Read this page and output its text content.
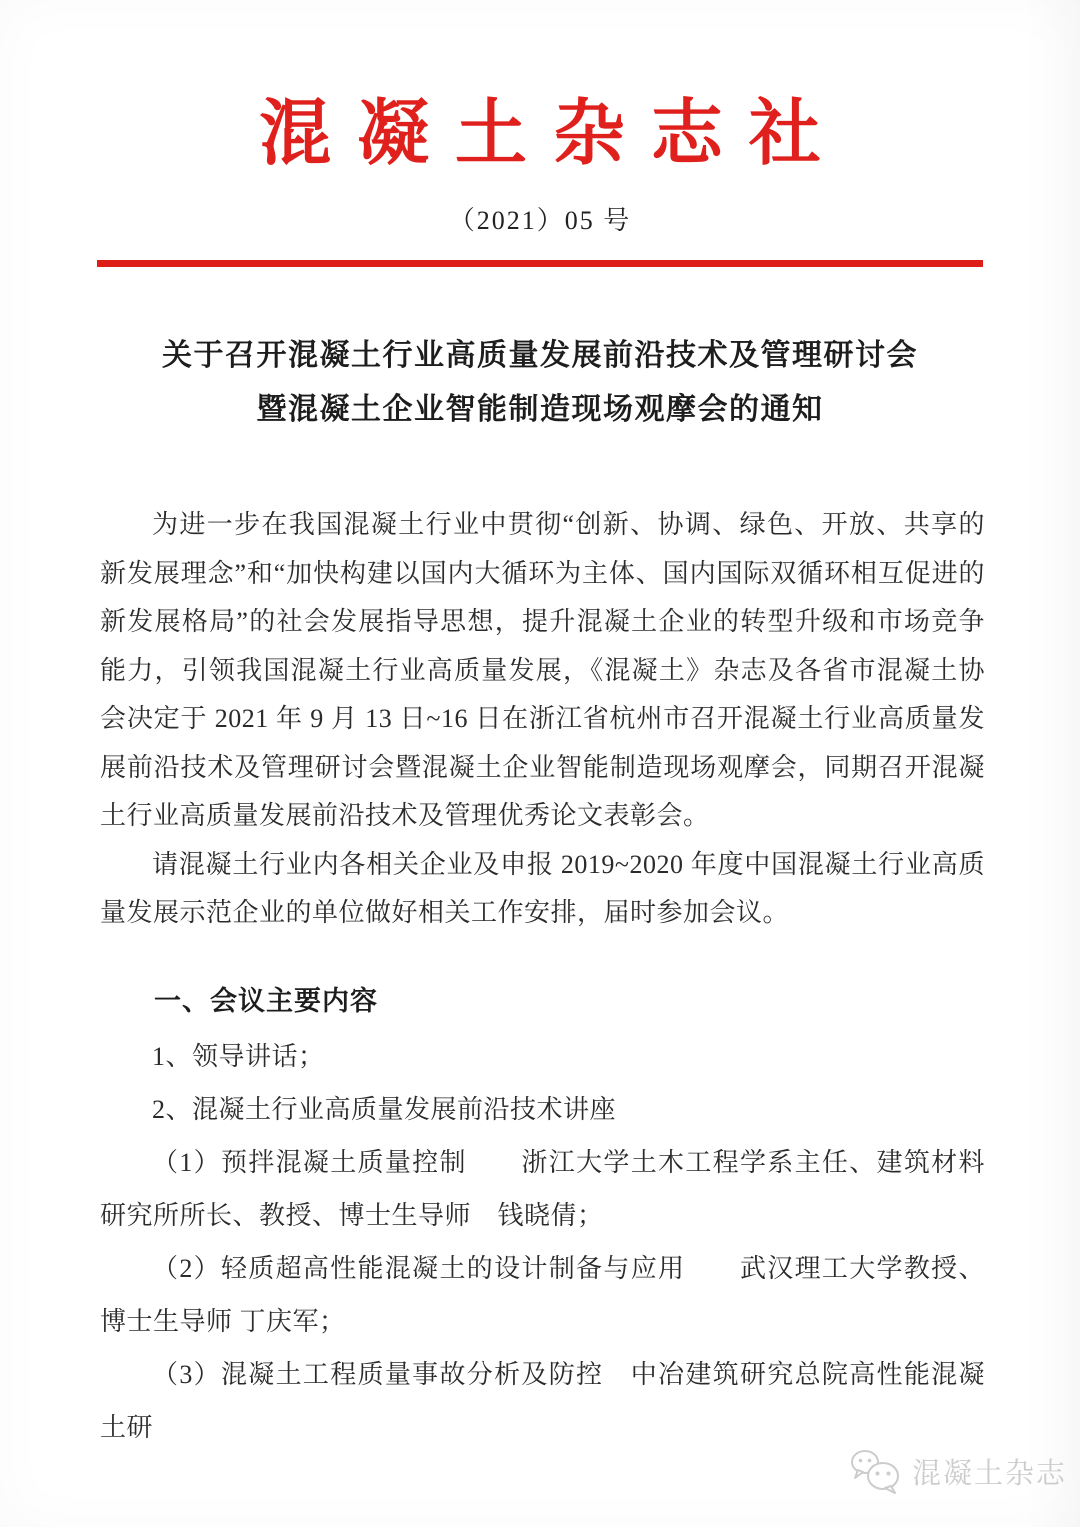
混凝土杂志社
（2021）05 号
关于召开混凝土行业高质量发展前沿技术及管理研讨会
暨混凝土企业智能制造现场观摩会的通知

为进一步在我国混凝土行业中贯彻“创新、协调、绿色、开放、共享的新发展理念”和“加快构建以国内大循环为主体、国内国际双循环相互促进的新发展格局”的社会发展指导思想，提升混凝土企业的转型升级和市场竞争能力，引领我国混凝土行业高质量发展，《混凝土》杂志及各省市混凝土协会决定于 2021 年 9 月 13 日~16 日在浙江省杭州市召开混凝土行业高质量发展前沿技术及管理研讨会暨混凝土企业智能制造现场观摩会，同期召开混凝土行业高质量发展前沿技术及管理优秀论文表彰会。

请混凝土行业内各相关企业及申报 2019~2020 年度中国混凝土行业高质量发展示范企业的单位做好相关工作安排，届时参加会议。

一、会议主要内容

1、领导讲话；

2、混凝土行业高质量发展前沿技术讲座

（1）预拌混凝土质量控制　　浙江大学土木工程学系主任、建筑材料研究所所长、教授、博士生导师　钱晓倩；

（2）轻质超高性能混凝土的设计制备与应用　　武汉理工大学教授、博士生导师 丁庆军；

（3）混凝土工程质量事故分析及防控　中冶建筑研究总院高性能混凝土研

混凝土杂志
